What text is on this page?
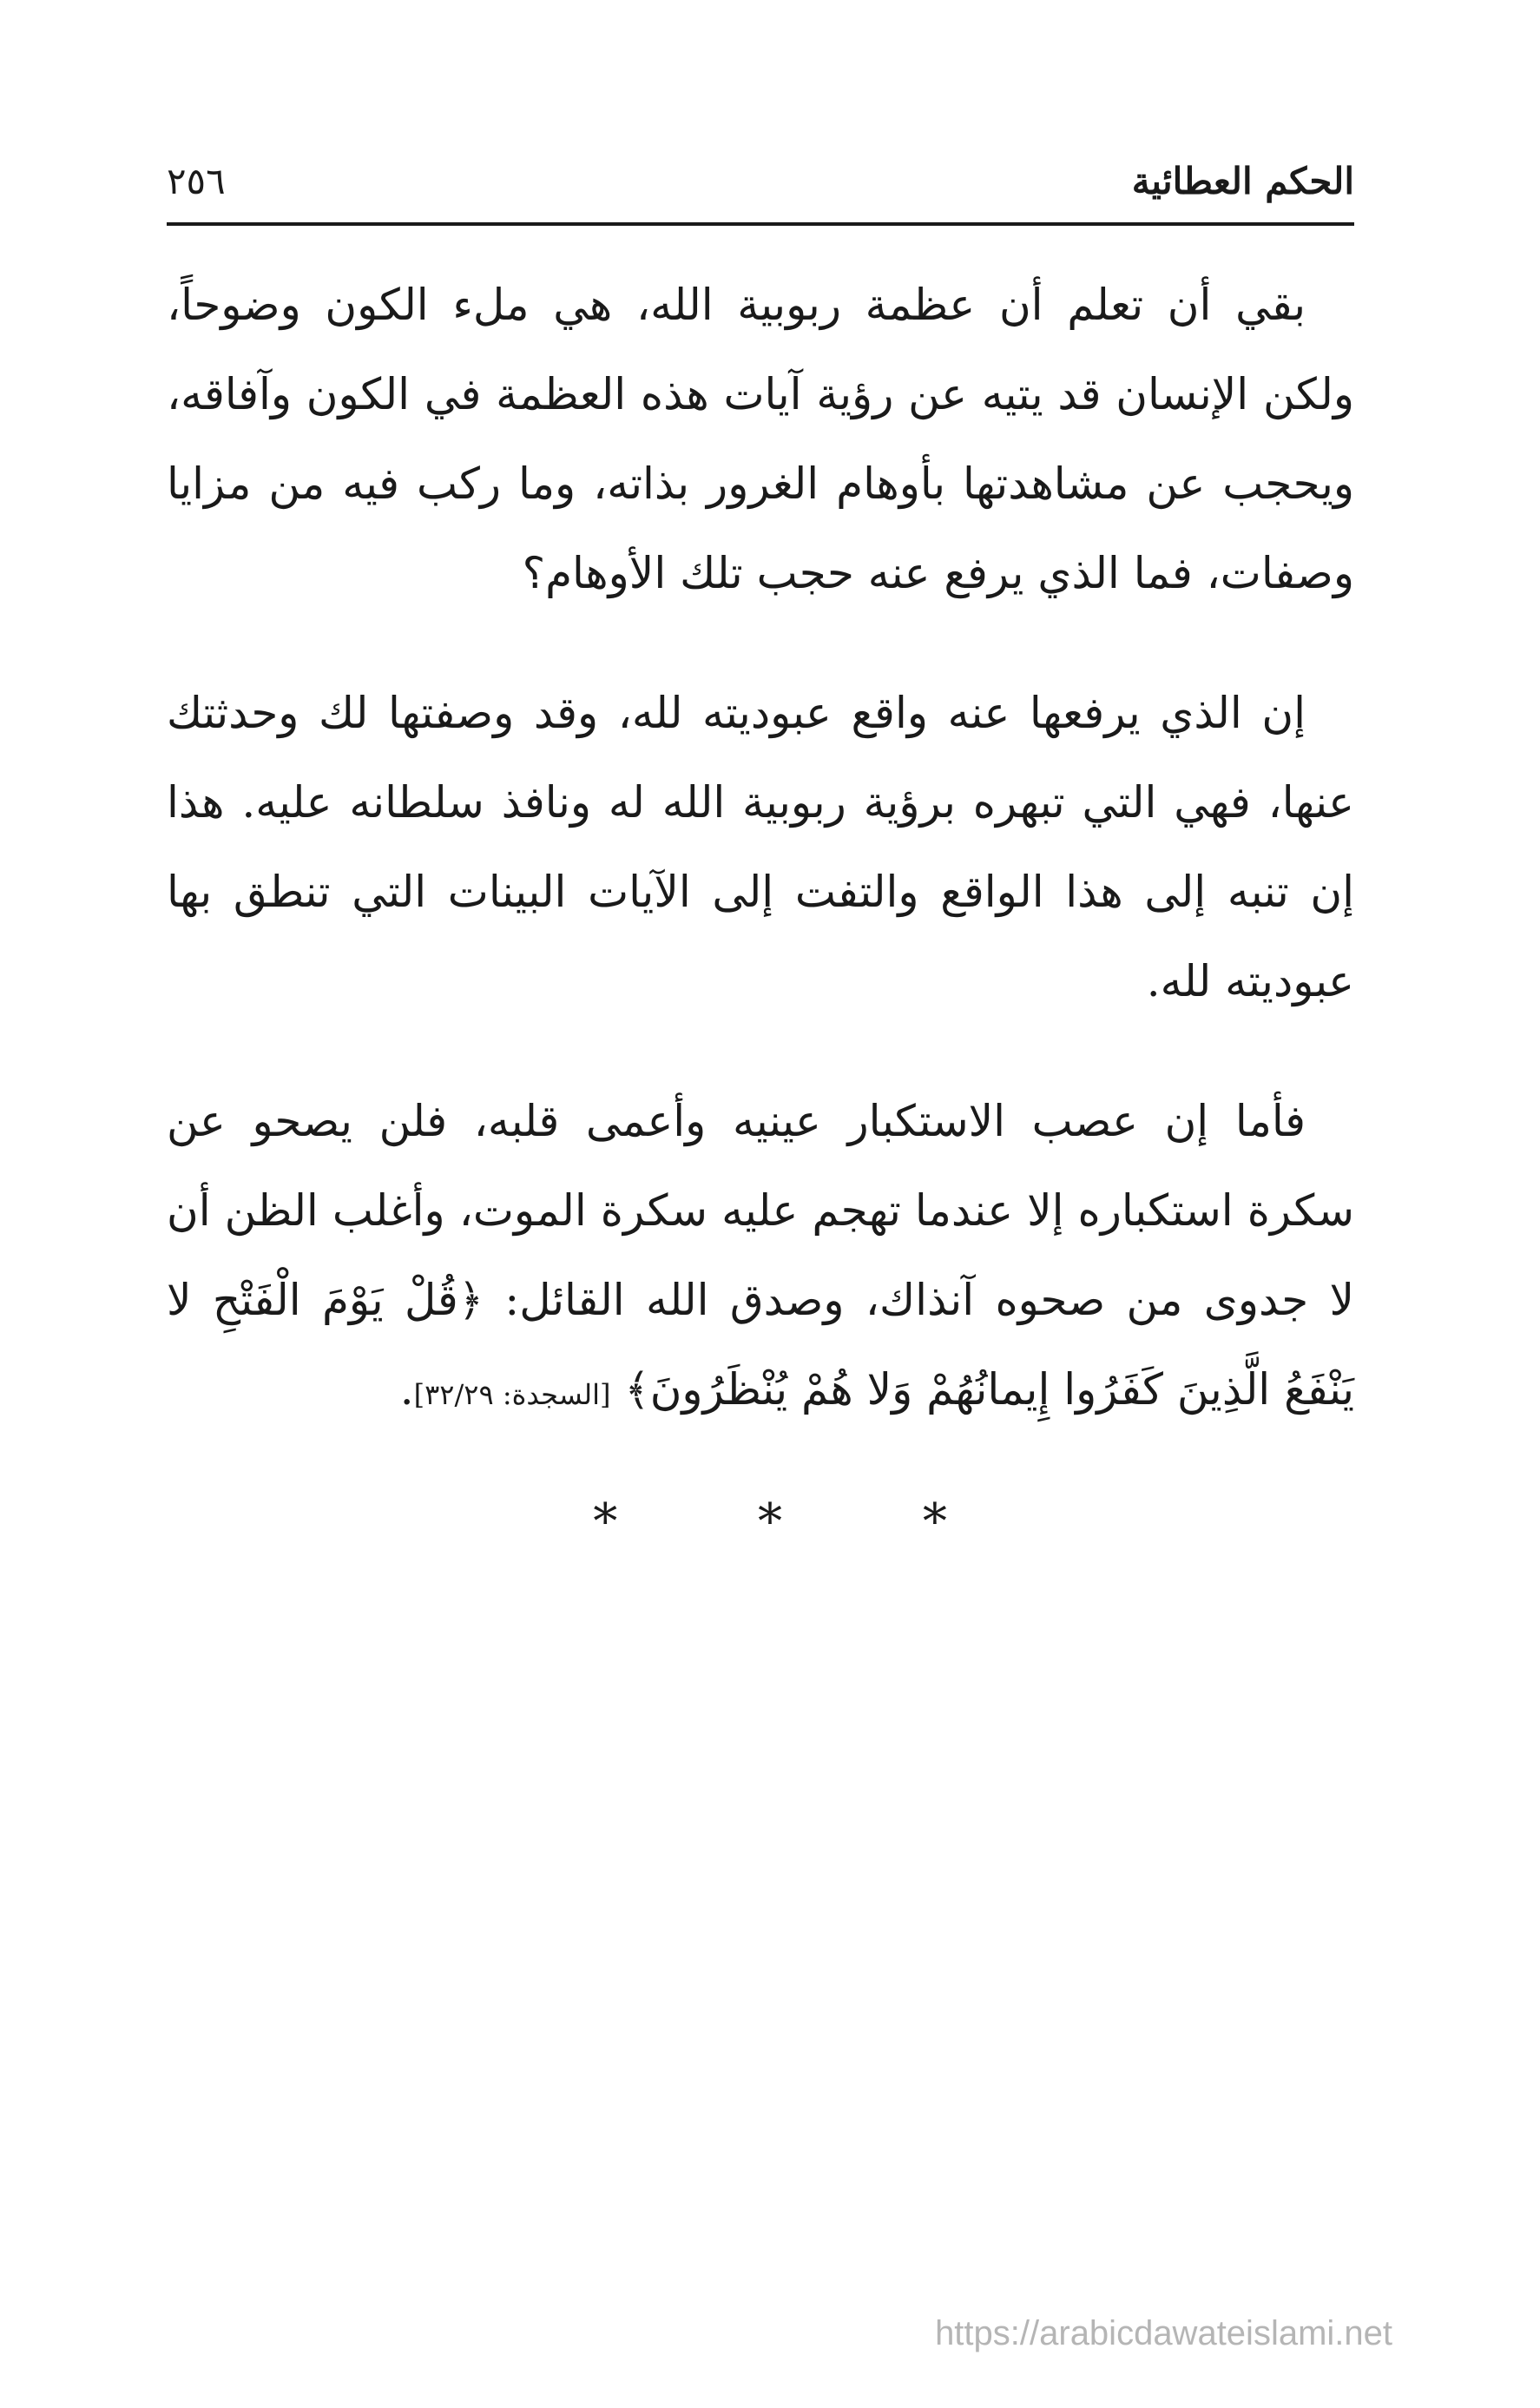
الحكم العطائية
٢٥٦

بقي أن تعلم أن عظمة ربوبية الله، هي ملء الكون وضوحاً، ولكن الإنسان قد يتيه عن رؤية آيات هذه العظمة في الكون وآفاقه، ويحجب عن مشاهدتها بأوهام الغرور بذاته، وما ركب فيه من مزايا وصفات، فما الذي يرفع عنه حجب تلك الأوهام؟

إن الذي يرفعها عنه واقع عبوديته لله، وقد وصفتها لك وحدثتك عنها، فهي التي تبهره برؤية ربوبية الله له ونافذ سلطانه عليه. هذا إن تنبه إلى هذا الواقع والتفت إلى الآيات البينات التي تنطق بها عبوديته لله.

فأما إن عصب الاستكبار عينيه وأعمى قلبه، فلن يصحو عن سكرة استكباره إلا عندما تهجم عليه سكرة الموت، وأغلب الظن أن لا جدوى من صحوه آنذاك، وصدق الله القائل: ﴿قُلْ يَوْمَ الْفَتْحِ لا يَنْفَعُ الَّذِينَ كَفَرُوا إِيمانُهُمْ وَلا هُمْ يُنْظَرُونَ﴾ [السجدة: ٣٢/٢٩].

*	*	*
https://arabicdawateislami.net
